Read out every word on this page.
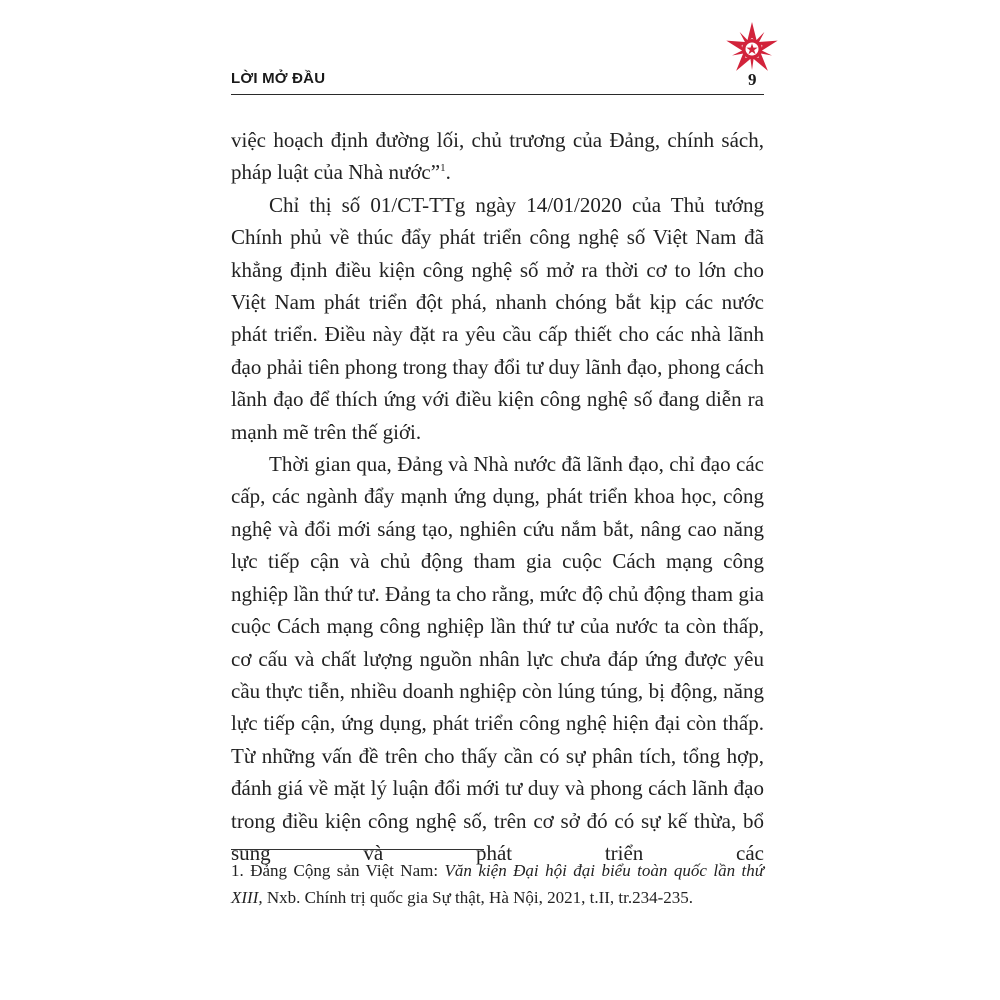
LỜI MỞ ĐẦU	9

việc hoạch định đường lối, chủ trương của Đảng, chính sách,

pháp luật của Nhà nước”$^1$.

Chỉ thị số 01/CT-TTg ngày 14/01/2020 của Thủ tướng Chính phủ về thúc đẩy phát triển công nghệ số Việt Nam đã khẳng định điều kiện công nghệ số mở ra thời cơ to lớn cho Việt Nam phát triển đột phá, nhanh chóng bắt kịp các nước phát triển. Điều này đặt ra yêu cầu cấp thiết cho các nhà lãnh đạo phải tiên phong trong thay đổi tư duy lãnh đạo, phong cách lãnh đạo để thích ứng với điều kiện công nghệ số đang diễn ra mạnh mẽ trên thế giới.

Thời gian qua, Đảng và Nhà nước đã lãnh đạo, chỉ đạo các cấp, các ngành đẩy mạnh ứng dụng, phát triển khoa học, công nghệ và đổi mới sáng tạo, nghiên cứu nắm bắt, nâng cao năng lực tiếp cận và chủ động tham gia cuộc Cách mạng công nghiệp lần thứ tư. Đảng ta cho rằng, mức độ chủ động tham gia cuộc Cách mạng công nghiệp lần thứ tư của nước ta còn thấp, cơ cấu và chất lượng nguồn nhân lực chưa đáp ứng được yêu cầu thực tiễn, nhiều doanh nghiệp còn lúng túng, bị động, năng lực tiếp cận, ứng dụng, phát triển công nghệ hiện đại còn thấp. Từ những vấn đề trên cho thấy cần có sự phân tích, tổng hợp, đánh giá về mặt lý luận đổi mới tư duy và phong cách lãnh đạo trong điều kiện công nghệ số, trên cơ sở đó có sự kế thừa, bổ sung và phát triển các

1. Đảng Cộng sản Việt Nam: Văn kiện Đại hội đại biểu toàn quốc lần thứ XIII, Nxb. Chính trị quốc gia Sự thật, Hà Nội, 2021, t.II, tr.234-235.
